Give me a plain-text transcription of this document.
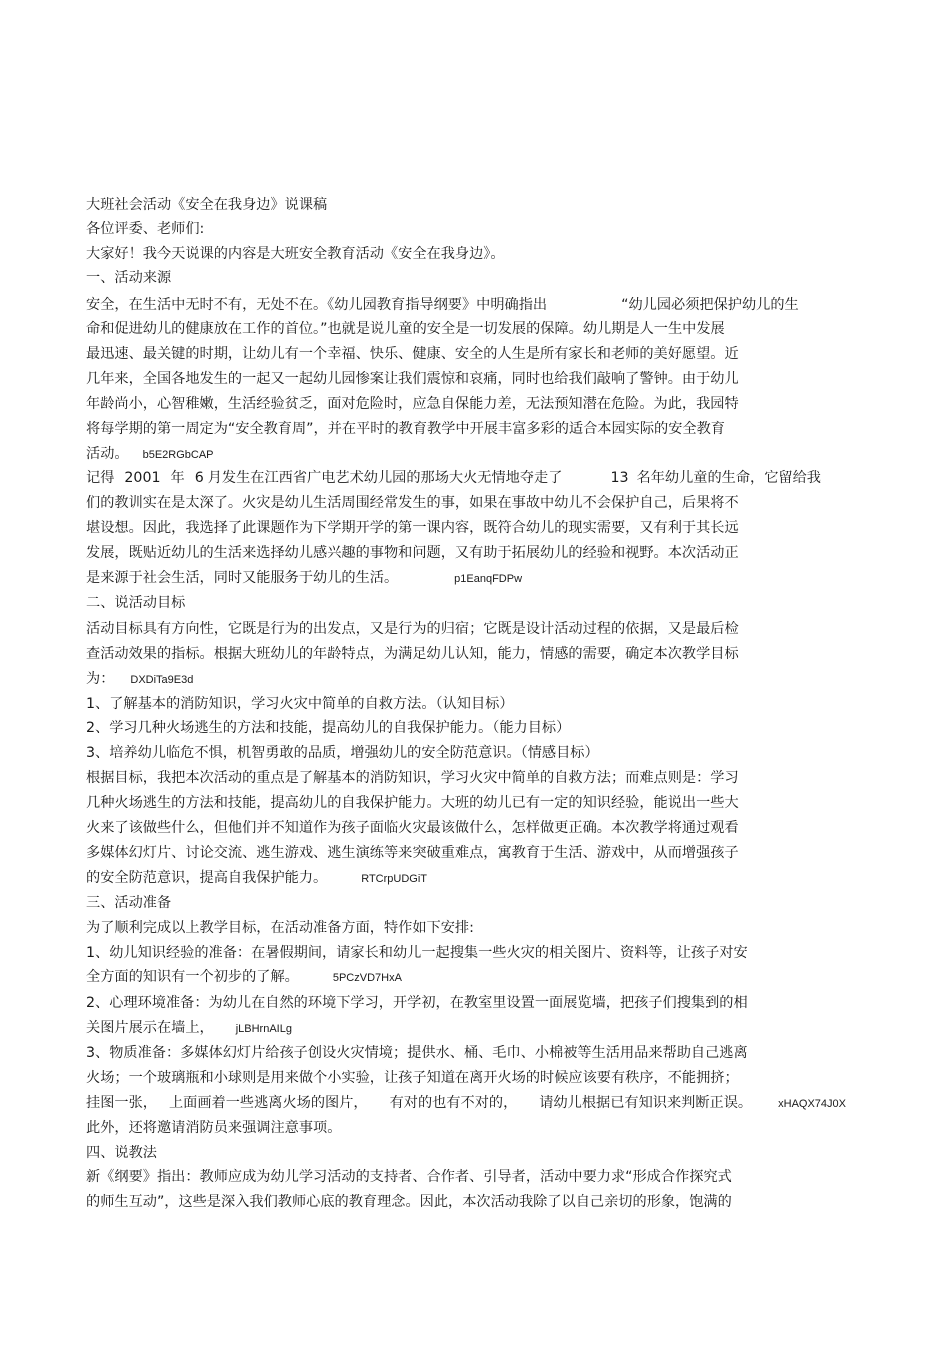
大班社会活动《安全在我身边》说课稿

各位评委、老师们:

大家好！我今天说课的内容是大班安全教育活动《安全在我身边》。

一、活动来源

安全，在生活中无时不有，无处不在。《幼儿园教育指导纲要》中明确指出	“幼儿园必须把保护幼儿的生

命和促进幼儿的健康放在工作的首位。”也就是说儿童的安全是一切发展的保障。幼儿期是人一生中发展

最迅速、最关键的时期，让幼儿有一个幸福、快乐、健康、安全的人生是所有家长和老师的美好愿望。近

几年来，全国各地发生的一起又一起幼儿园惨案让我们震惊和哀痛，同时也给我们敲响了警钟。由于幼儿

年龄尚小，心智稚嫩，生活经验贫乏，面对危险时，应急自保能力差，无法预知潜在危险。为此，我园特

将每学期的第一周定为“安全教育周”，并在平时的教育教学中开展丰富多彩的适合本园实际的安全教育

活动。 b5E2RGbCAP

记得 2001 年 6 月发生在江西省广电艺术幼儿园的那场大火无情地夺走了	13 名年幼儿童的生命，它留给我

们的教训实在是太深了。火灾是幼儿生活周围经常发生的事，如果在事故中幼儿不会保护自己，后果将不

堪设想。因此，我选择了此课题作为下学期开学的第一课内容，既符合幼儿的现实需要，又有利于其长远

发展，既贴近幼儿的生活来选择幼儿感兴趣的事物和问题，又有助于拓展幼儿的经验和视野。本次活动正

是来源于社会生活，同时又能服务于幼儿的生活。	p1EanqFDPw

二、说活动目标

活动目标具有方向性，它既是行为的出发点，又是行为的归宿；它既是设计活动过程的依据，又是最后检

查活动效果的指标。根据大班幼儿的年龄特点，为满足幼儿认知，能力，情感的需要，确定本次教学目标

为： DXDiTa9E3d

1、了解基本的消防知识，学习火灾中简单的自救方法。（认知目标）

2、学习几种火场逃生的方法和技能，提高幼儿的自我保护能力。（能力目标）

3、培养幼儿临危不惧，机智勇敢的品质，增强幼儿的安全防范意识。（情感目标）

根据目标，我把本次活动的重点是了解基本的消防知识，学习火灾中简单的自救方法；而难点则是：学习

几种火场逃生的方法和技能，提高幼儿的自我保护能力。大班的幼儿已有一定的知识经验，能说出一些大

火来了该做些什么，但他们并不知道作为孩子面临火灾最该做什么，怎样做更正确。本次教学将通过观看

多媒体幻灯片、讨论交流、逃生游戏、逃生演练等来突破重难点，寓教育于生活、游戏中，从而增强孩子

的安全防范意识，提高自我保护能力。	RTCrpUDGiT

三、活动准备

为了顺利完成以上教学目标，在活动准备方面，特作如下安排:

1、幼儿知识经验的准备：在暑假期间，请家长和幼儿一起搜集一些火灾的相关图片、资料等，让孩子对安

全方面的知识有一个初步的了解。	5PCzVD7HxA

2、心理环境准备：为幼儿在自然的环境下学习，开学初，在教室里设置一面展览墙，把孩子们搜集到的相

关图片展示在墙上， jLBHrnAILg

3、物质准备：多媒体幻灯片给孩子创设火灾情境；提供水、桶、毛巾、小棉被等生活用品来帮助自己逃离

火场；一个玻璃瓶和小球则是用来做个小实验，让孩子知道在离开火场的时候应该要有秩序，不能拥挤；

挂图一张， 上面画着一些逃离火场的图片， 有对的也有不对的， 请幼儿根据已有知识来判断正误。 xHAQX74J0X

此外，还将邀请消防员来强调注意事项。

四、说教法

新《纲要》指出：教师应成为幼儿学习活动的支持者、合作者、引导者，活动中要力求“形成合作探究式

的师生互动”，这些是深入我们教师心底的教育理念。因此，本次活动我除了以自己亲切的形象，饱满的
